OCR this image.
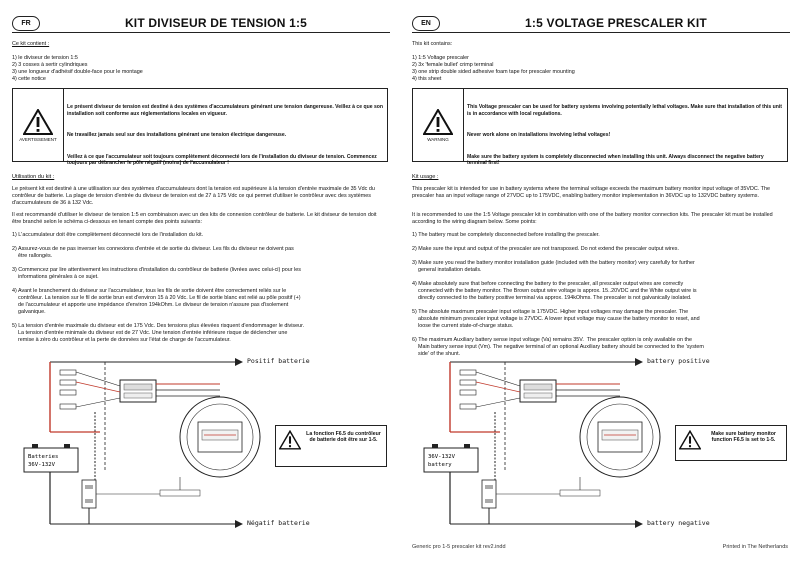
FR	KIT DIVISEUR DE TENSION 1:5
Ce kit contient :
1) le diviseur de tension 1:5
2) 3 cosses à sertir cylindriques
3) une longueur d'adhésif double-face pour le montage
4) cette notice
AVERTISSEMENT

Le présent diviseur de tension est destiné à des systèmes d'accumulateurs générant une tension dangereuse. Veillez à ce que son installation soit conforme aux réglementations locales en vigueur.

Ne travaillez jamais seul sur des installations générant une tension électrique dangereuse.

Veillez à ce que l'accumulateur soit toujours complètement déconnecté lors de l'installation du diviseur de tension. Commencez toujours par débrancher le pôle négatif (moins) de l'accumulateur !

Utilisation du kit :
Le présent kit est destiné à une utilisation sur des systèmes d'accumulateurs dont la tension est supérieure à la tension d'entrée maximale de 35 Vdc du contrôleur de batterie. La plage de tension d'entrée du diviseur de tension est de 27 à 175 Vdc ce qui permet d'utiliser le contrôleur avec des systèmes d'accumulateurs de 36 à 132 Vdc.
Il est recommandé d'utiliser le diviseur de tension 1:5 en combinaison avec un des kits de connexion contrôleur de batterie. Le kit diviseur de tension doit être branché selon le schéma ci-dessous en tenant compte des points suivants:
1) L'accumulateur doit être complètement déconnecté lors de l'installation du kit.

2) Assurez-vous de ne pas inverser les connexions d'entrée et de sortie du diviseur. Les fils du diviseur ne doivent pas
être rallongés.

3) Commencez par lire attentivement les instructions d'installation du contrôleur de batterie (livrées avec celui-ci) pour les
informations générales à ce sujet.

4) Avant le branchement du diviseur sur l'accumulateur, tous les fils de sortie doivent être correctement reliés sur le
contrôleur. La tension sur le fil de sortie brun est d'environ 15 à 20 Vdc. Le fil de sortie blanc est relié au pôle positif (+)
de l'accumulateur et apporte une impédance d'environ 194kOhm. Le diviseur de tension n'assure pas d'isolement
galvanique.

5) La tension d'entrée maximale du diviseur est de 175 Vdc. Des tensions plus élevées risquent d'endommager le diviseur.
La tension d'entrée minimale du diviseur est de 27 Vdc. Une tension d'entrée inférieure risque de déclencher une
remise à zéro du contrôleur et la perte de données sur l'état de charge de l'accumulateur.
Batteries
36V-132V
Positif batterie
Négatif batterie
La fonction F6.5 du contrôleur de batterie doit être sur 1-5.
EN	1:5 VOLTAGE PRESCALER KIT
This kit contains:
1) 1:5 Voltage prescaler
2) 3x 'female bullet' crimp terminal
3) one strip double sided adhesive foam tape for prescaler mounting
4) this sheet
WARNING

This Voltage prescaler can be used for battery systems involving potentially lethal voltages. Make sure that installation of this unit is in accordance with local regulations.

Never work alone on installations involving lethal voltages!

Make sure the battery system is completely disconnected when installing this unit. Always disconnect the negative battery terminal first!

Kit usage :
This prescaler kit is intended for use in battery systems where the terminal voltage exceeds the maximum battery monitor input voltage of 35VDC. The prescaler has an input voltage range of 27VDC up to 175VDC, enabling battery monitor implementation in 36VDC up to 132VDC battery systems.
It is recommended to use the 1:5 Voltage prescaler kit in combination with one of the battery monitor connection kits. The prescaler kit must be installed according to the wiring diagram below. Some points:
1) The battery must be completely disconnected before installing the prescaler.

2) Make sure the input and output of the prescaler are not transposed. Do not extend the prescaler output wires.

3) Make sure you read the battery monitor installation guide (included with the battery monitor) very carefully for further
general installation details.

4) Make absolutely sure that before connecting the battery to the prescaler, all prescaler output wires are correctly
connected with the battery monitor. The Brown output wire voltage is approx. 15..20VDC and the White output wire is
directly connected to the battery positive terminal via approx. 194kOhms. The prescaler is not galvanically isolated.

5) The absolute maximum prescaler input voltage is 175VDC. Higher input voltages may damage the prescaler. The
absolute minimum prescaler input voltage is 27VDC. A lower input voltage may cause the battery monitor to reset, and
loose the current state-of-charge status.

6) The maximum Auxiliary battery sense input voltage (Va) remains 35V.  The prescaler option is only available on the
Main battery sense input (Vm). The negative terminal of an optional Auxiliary battery should be connected to the 'system
side' of the shunt.
36V-132V
battery
battery positive
battery negative
Make sure battery monitor function F6.5 is set to 1-5.
Generic pro 1-5 prescaler kit rev2.indd	Printed in The Netherlands
